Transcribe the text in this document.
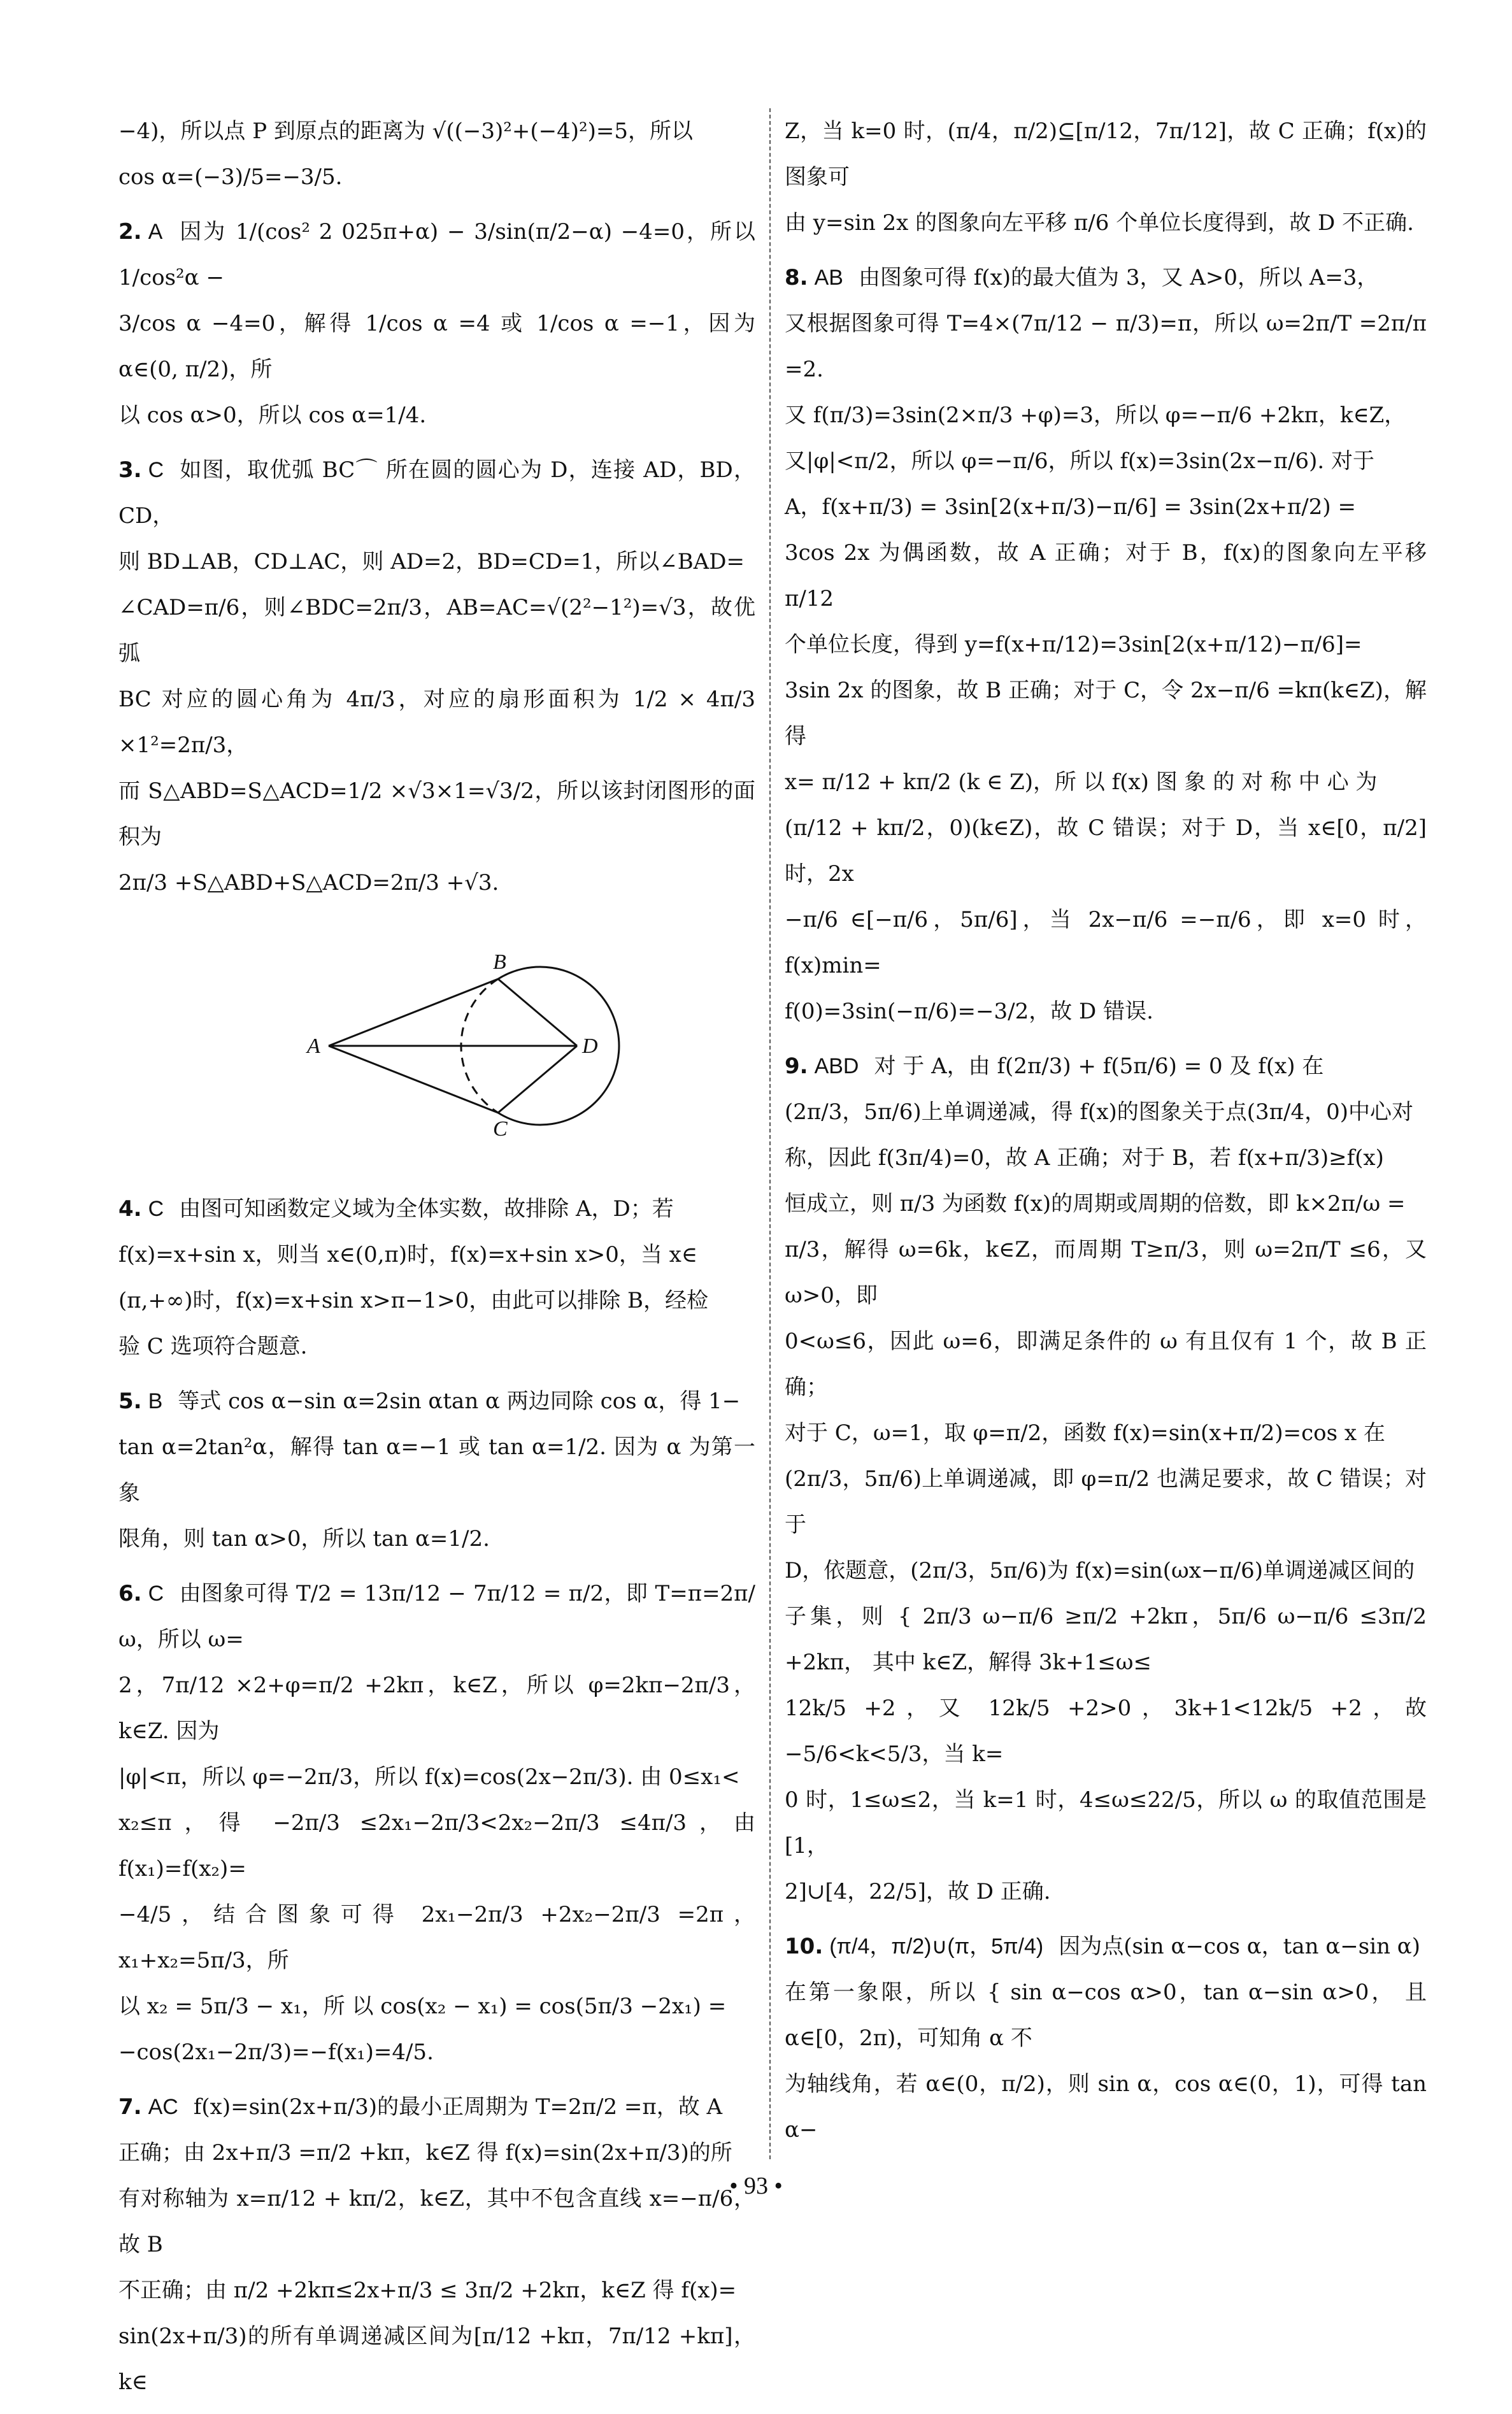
−4)，所以点 P 到原点的距离为 √((−3)²+(−4)²)=5，所以

cos α=(−3)/5=−3/5.

2. A 因为 1/(cos² 2 025π+α) − 3/sin(π/2−α) −4=0，所以 1/cos²α −

3/cos α −4=0，解得 1/cos α =4 或 1/cos α =−1，因为 α∈(0, π/2)，所

以 cos α>0，所以 cos α=1/4.

3. C 如图，取优弧 BC⌒ 所在圆的圆心为 D，连接 AD，BD，CD，

则 BD⊥AB，CD⊥AC，则 AD=2，BD=CD=1，所以∠BAD=

∠CAD=π/6，则∠BDC=2π/3，AB=AC=√(2²−1²)=√3，故优弧

BC 对应的圆心角为 4π/3，对应的扇形面积为 1/2 × 4π/3 ×1²=2π/3，

而 S△ABD=S△ACD=1/2 ×√3×1=√3/2，所以该封闭图形的面积为

2π/3 +S△ABD+S△ACD=2π/3 +√3.

A
B
C
D

4. C 由图可知函数定义域为全体实数，故排除 A，D；若

f(x)=x+sin x，则当 x∈(0,π)时，f(x)=x+sin x>0，当 x∈

(π,+∞)时，f(x)=x+sin x>π−1>0，由此可以排除 B，经检

验 C 选项符合题意.

5. B 等式 cos α−sin α=2sin αtan α 两边同除 cos α，得 1−

tan α=2tan²α，解得 tan α=−1 或 tan α=1/2. 因为 α 为第一象

限角，则 tan α>0，所以 tan α=1/2.

6. C 由图象可得 T/2 = 13π/12 − 7π/12 = π/2，即 T=π=2π/ω，所以 ω=

2，7π/12 ×2+φ=π/2 +2kπ，k∈Z，所以 φ=2kπ−2π/3，k∈Z. 因为

|φ|<π，所以 φ=−2π/3，所以 f(x)=cos(2x−2π/3). 由 0≤x₁<

x₂≤π，得 −2π/3 ≤2x₁−2π/3<2x₂−2π/3 ≤4π/3，由 f(x₁)=f(x₂)=

−4/5，结合图象可得 2x₁−2π/3 +2x₂−2π/3 =2π，x₁+x₂=5π/3，所

以 x₂ = 5π/3 − x₁，所 以 cos(x₂ − x₁) = cos(5π/3 −2x₁) =

−cos(2x₁−2π/3)=−f(x₁)=4/5.

7. AC f(x)=sin(2x+π/3)的最小正周期为 T=2π/2 =π，故 A

正确；由 2x+π/3 =π/2 +kπ，k∈Z 得 f(x)=sin(2x+π/3)的所

有对称轴为 x=π/12 + kπ/2，k∈Z，其中不包含直线 x=−π/6，故 B

不正确；由 π/2 +2kπ≤2x+π/3 ≤ 3π/2 +2kπ，k∈Z 得 f(x)=

sin(2x+π/3)的所有单调递减区间为[π/12 +kπ，7π/12 +kπ]，k∈

Z，当 k=0 时，(π/4，π/2)⊆[π/12，7π/12]，故 C 正确；f(x)的图象可

由 y=sin 2x 的图象向左平移 π/6 个单位长度得到，故 D 不正确.

8. AB 由图象可得 f(x)的最大值为 3，又 A>0，所以 A=3，

又根据图象可得 T=4×(7π/12 − π/3)=π，所以 ω=2π/T =2π/π =2.

又 f(π/3)=3sin(2×π/3 +φ)=3，所以 φ=−π/6 +2kπ，k∈Z，

又|φ|<π/2，所以 φ=−π/6，所以 f(x)=3sin(2x−π/6). 对于

A，f(x+π/3) = 3sin[2(x+π/3)−π/6] = 3sin(2x+π/2) =

3cos 2x 为偶函数，故 A 正确；对于 B，f(x)的图象向左平移 π/12

个单位长度，得到 y=f(x+π/12)=3sin[2(x+π/12)−π/6]=

3sin 2x 的图象，故 B 正确；对于 C，令 2x−π/6 =kπ(k∈Z)，解得

x= π/12 + kπ/2 (k ∈ Z)，所 以 f(x) 图 象 的 对 称 中 心 为

(π/12 + kπ/2，0)(k∈Z)，故 C 错误；对于 D，当 x∈[0，π/2]时，2x

−π/6 ∈[−π/6，5π/6]，当 2x−π/6 =−π/6，即 x=0 时，f(x)min=

f(0)=3sin(−π/6)=−3/2，故 D 错误.

9. ABD 对 于 A，由 f(2π/3) + f(5π/6) = 0 及 f(x) 在

(2π/3，5π/6)上单调递减，得 f(x)的图象关于点(3π/4，0)中心对

称，因此 f(3π/4)=0，故 A 正确；对于 B，若 f(x+π/3)≥f(x)

恒成立，则 π/3 为函数 f(x)的周期或周期的倍数，即 k×2π/ω =

π/3，解得 ω=6k，k∈Z，而周期 T≥π/3，则 ω=2π/T ≤6，又 ω>0，即

0<ω≤6，因此 ω=6，即满足条件的 ω 有且仅有 1 个，故 B 正确；

对于 C，ω=1，取 φ=π/2，函数 f(x)=sin(x+π/2)=cos x 在

(2π/3，5π/6)上单调递减，即 φ=π/2 也满足要求，故 C 错误；对于

D，依题意，(2π/3，5π/6)为 f(x)=sin(ωx−π/6)单调递减区间的

子集，则 { 2π/3 ω−π/6 ≥π/2 +2kπ，5π/6 ω−π/6 ≤3π/2 +2kπ， 其中 k∈Z，解得 3k+1≤ω≤

12k/5 +2，又 12k/5 +2>0，3k+1<12k/5 +2，故 −5/6<k<5/3，当 k=

0 时，1≤ω≤2，当 k=1 时，4≤ω≤22/5，所以 ω 的取值范围是[1，

2]∪[4，22/5]，故 D 正确.

10. (π/4，π/2)∪(π，5π/4) 因为点(sin α−cos α，tan α−sin α)

在第一象限，所以 { sin α−cos α>0，tan α−sin α>0， 且 α∈[0，2π)，可知角 α 不

为轴线角，若 α∈(0，π/2)，则 sin α，cos α∈(0，1)，可得 tan α−

• 93 •
